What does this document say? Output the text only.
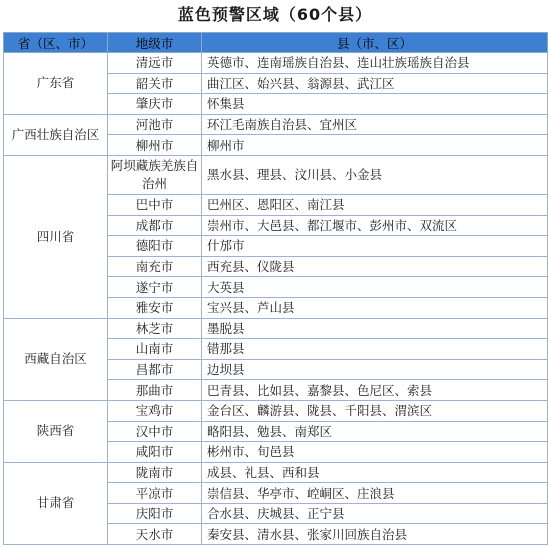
蓝色预警区域（60个县）
省（区、市）	地级市	县（市、区）
广东省	清远市	英德市、连南瑶族自治县、连山壮族瑶族自治县
	韶关市	曲江区、始兴县、翁源县、武江区
	肇庆市	怀集县
广西壮族自治区	河池市	环江毛南族自治县、宜州区
	柳州市	柳州市
四川省	阿坝藏族羌族自治州	黑水县、理县、汶川县、小金县
	巴中市	巴州区、恩阳区、南江县
	成都市	崇州市、大邑县、都江堰市、彭州市、双流区
	德阳市	什邡市
	南充市	西充县、仪陇县
	遂宁市	大英县
	雅安市	宝兴县、芦山县
西藏自治区	林芝市	墨脱县
	山南市	错那县
	昌都市	边坝县
	那曲市	巴青县、比如县、嘉黎县、色尼区、索县
陕西省	宝鸡市	金台区、麟游县、陇县、千阳县、渭滨区
	汉中市	略阳县、勉县、南郑区
	咸阳市	彬州市、旬邑县
甘肃省	陇南市	成县、礼县、西和县
	平凉市	崇信县、华亭市、崆峒区、庄浪县
	庆阳市	合水县、庆城县、正宁县
	天水市	秦安县、清水县、张家川回族自治县
